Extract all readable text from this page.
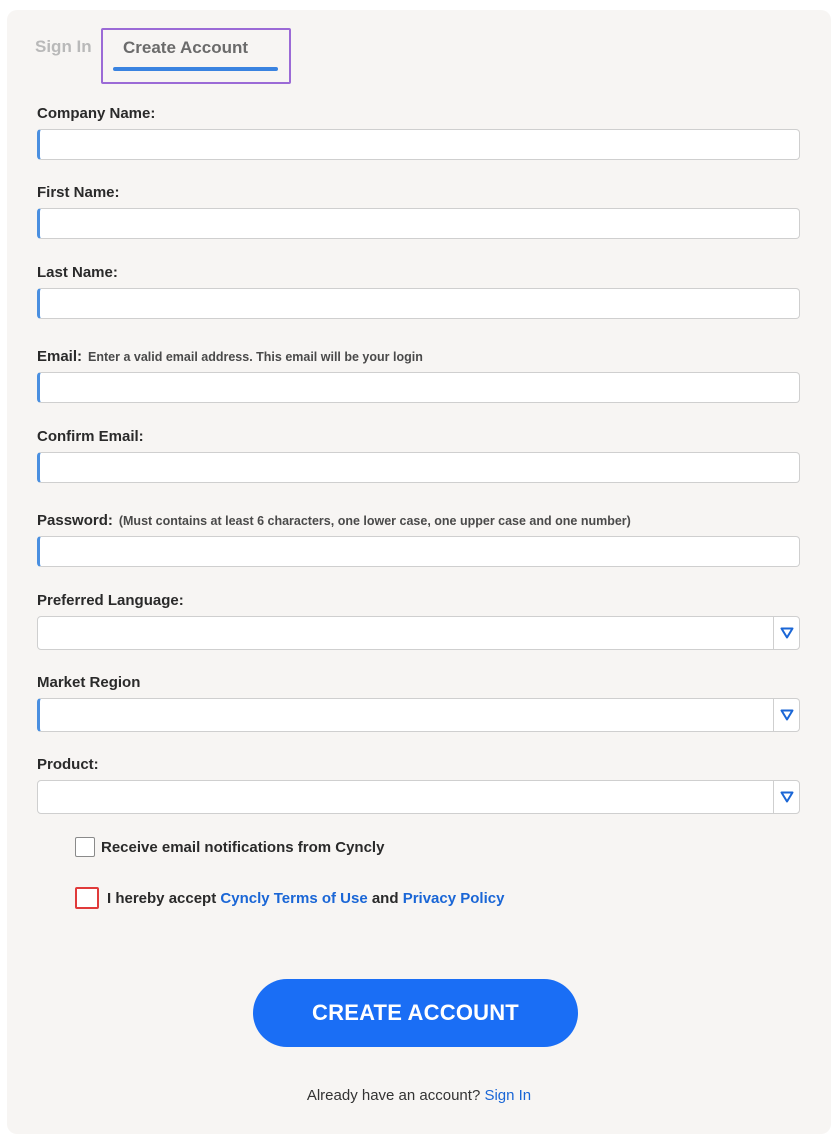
Sign In Create Account
Company Name:
First Name:
Last Name:
Email: Enter a valid email address. This email will be your login
Confirm Email:
Password: (Must contains at least 6 characters, one lower case, one upper case and one number)
Preferred Language:
Market Region
Product:
Receive email notifications from Cyncly
I hereby accept
Cyncly Terms of Use
and
Privacy Policy
CREATE ACCOUNT
Already have an account? Sign In
